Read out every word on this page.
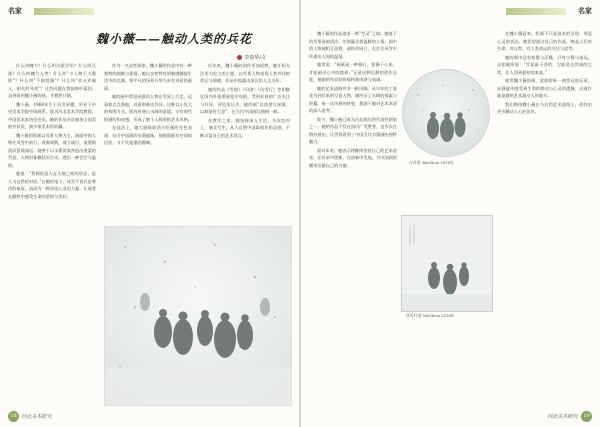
名家
魏小薇——触动人类的兵花
李春华/文

什么叫魄力？什么叫这派学识？什么叫兵画？什么叫魄力人笑？什么叫“少入物于大奥妙”？什么叫“不抑浪漫”？什么叫“非允许阀入，相关的导戏”？这些问题在我脑海中萦回，直到看到魏小薇的画，才豁然开朗。

魏小薇，1968年生于河北承德，毕业于中央美术学院中国画系。现为河北美术学院教授，中国美术家协会会员。她的作品多次参加全国美展并获奖，被多家美术馆收藏。

魏小薇的绘画以雪景人物为主，画面中的人物在风雪中前行，或聚或散，或立或行，笔墨简淡而意境深远。她善于以水墨渲染营造出迷蒙的雪意，人物形象概括而生动，透出一种苍茫与温情。

她说：“我画的是人在天地之间的状态，是人与自然的对话。”在她的笔下，风雪不再只是寒冷的象征，而成为一种净化心灵的力量，让观者在静默中感受生命的坚韧与美好。

作为一名女性画家，魏小薇的作品中有一种独特的细腻与柔情。她以女性特有的敏感捕捉生活中的点滴，将平凡的场景升华为具有诗意的画面。

她的画中常见成群的人物在雪原上行走，远看如点点墨痕，近看则神态各异。这种以小见大的构图方式，既有传统山水画的意境，又有现代绘画的构成感，形成了她个人鲜明的艺术风格。

在技法上，她大胆吸收西方绘画的光色表现，结合中国画的水墨韵味，使画面既有空间的层次，又不失笔墨的趣味。

近年来，魏小薇的创作更加成熟，她开始关注更为宏大的主题，以雪景人物表现人类共同的命运与情感，作品中流露出深沉的人文关怀。

她的作品《雪韵》《归途》《风雪行》等相继在国内外重要展览中亮相，受到业界的广泛关注与好评。评论家认为，她的画“以淡墨写深情，以简笔传大意”，在当代中国画坛独树一帜。

在教学之余，她坚持深入生活，多次赴坝上、塞北写生，从大自然中汲取创作的灵感，不断丰富自己的艺术语言。

18 河北美术研究
名家

魏小薇的作品追求一种“空灵”之境。她笔下的雪景看似清冷，实则蕴含着温暖的人情。画中的人物或相互依偎，或结伴同行，在茫茫风雪中传递出人间的温情。

她常说：“画画是一种修行，要静下心来，才能画出心中的境界。”正是这种沉静的创作态度，使她的作品始终保持着纯净与真诚。

她的艺术道路并非一帆风顺。从早年的工笔花鸟到后来的写意人物，她经历了长期的探索与积累。每一次风格的转变，都源于她对艺术本质的深入思考。

如今，魏小薇已成为河北画坛的代表性画家之一。她的作品不仅在国内广受赞誉，也多次在海外展出，让世界看到了中国当代水墨画的独特魅力。

面对未来，她表示将继续坚持自己的艺术追求，在传承中创新，在创新中发展，为中国画的繁荣贡献自己的力量。	吉祥图 38x38cm 2016年
风雪归途 56x36cm 2016年

在魏小薇看来，绘画不只是技术的呈现，更是心灵的表达。她希望通过自己的作品，唤起人们对生命、对自然、对人类命运的关注与思考。

她的画中没有喧嚣与浮躁，只有宁静与深远。正如她所说：“雪是最干净的，它能洗去世间的尘埃，让人回到最初的本真。”

观赏魏小薇的画，犹如聆听一曲悠远的乐章，在静谧中感受到生命的律动与心灵的震撼。这或许就是她的艺术最动人的地方。

我们期待魏小薇在今后的艺术道路上，创作出更多触动人心的佳作。

河北美术研究 19
